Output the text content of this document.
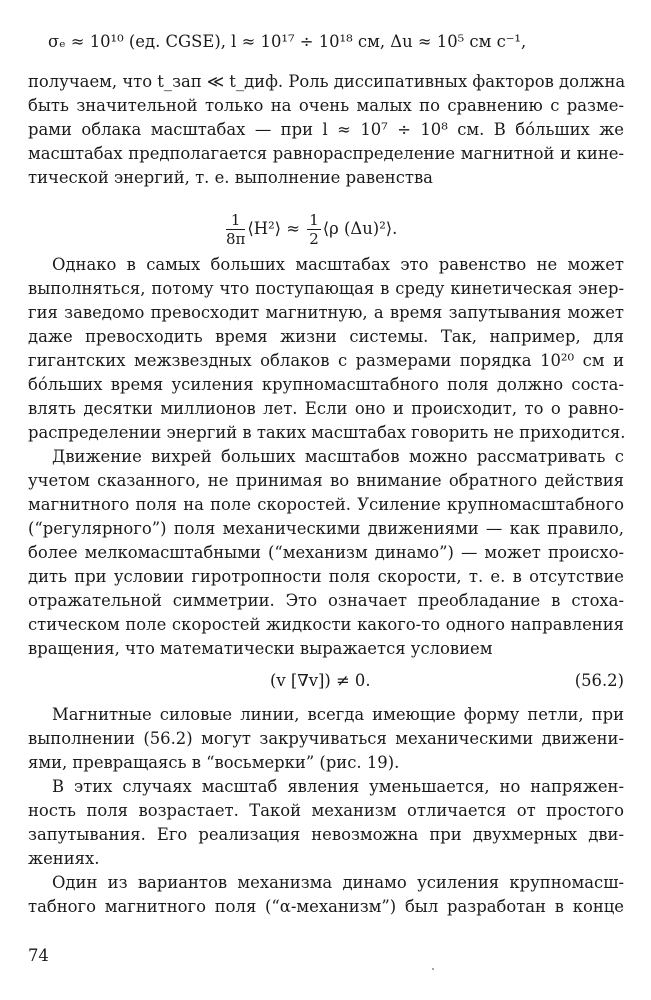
σₑ ≈ 10¹⁰ (ед. CGSE), l ≈ 10¹⁷ ÷ 10¹⁸ см, Δu ≈ 10⁵ см с⁻¹,
получаем, что t_зап ≪ t_диф. Роль диссипативных факторов должна
быть значительной только на очень малых по сравнению с разме-
рами облака масштабах — при l ≈ 10⁷ ÷ 10⁸ см. В бо́льших же
масштабах предполагается равнораспределение магнитной и кине-
тической энергий, т. е. выполнение равенства
$\frac{1}{8\pi}$ ⟨H²⟩ ≈ $\frac{1}{2}$ ⟨ρ (Δu)²⟩.
Однако в самых больших масштабах это равенство не может
выполняться, потому что поступающая в среду кинетическая энер-
гия заведомо превосходит магнитную, а время запутывания может
даже превосходить время жизни системы. Так, например, для
гигантских межзвездных облаков с размерами порядка 10²⁰ см и
бо́льших время усиления крупномасштабного поля должно соста-
влять десятки миллионов лет. Если оно и происходит, то о равно-
распределении энергий в таких масштабах говорить не приходится.
Движение вихрей больших масштабов можно рассматривать с
учетом сказанного, не принимая во внимание обратного действия
магнитного поля на поле скоростей. Усиление крупномасштабного
(“регулярного”) поля механическими движениями — как правило,
более мелкомасштабными (“механизм динамо”) — может происхо-
дить при условии гиротропности поля скорости, т. е. в отсутствие
отражательной симметрии. Это означает преобладание в стоха-
стическом поле скоростей жидкости какого-то одного направления
вращения, что математически выражается условием
(v [∇v]) ≠ 0.	(56.2)
Магнитные силовые линии, всегда имеющие форму петли, при
выполнении (56.2) могут закручиваться механическими движени-
ями, превращаясь в “восьмерки” (рис. 19).
В этих случаях масштаб явления уменьшается, но напряжен-
ность поля возрастает. Такой механизм отличается от простого
запутывания. Его реализация невозможна при двухмерных дви-
жениях.
Один из вариантов механизма динамо усиления крупномасш-
табного магнитного поля (“α-механизм”) был разработан в конце
74
